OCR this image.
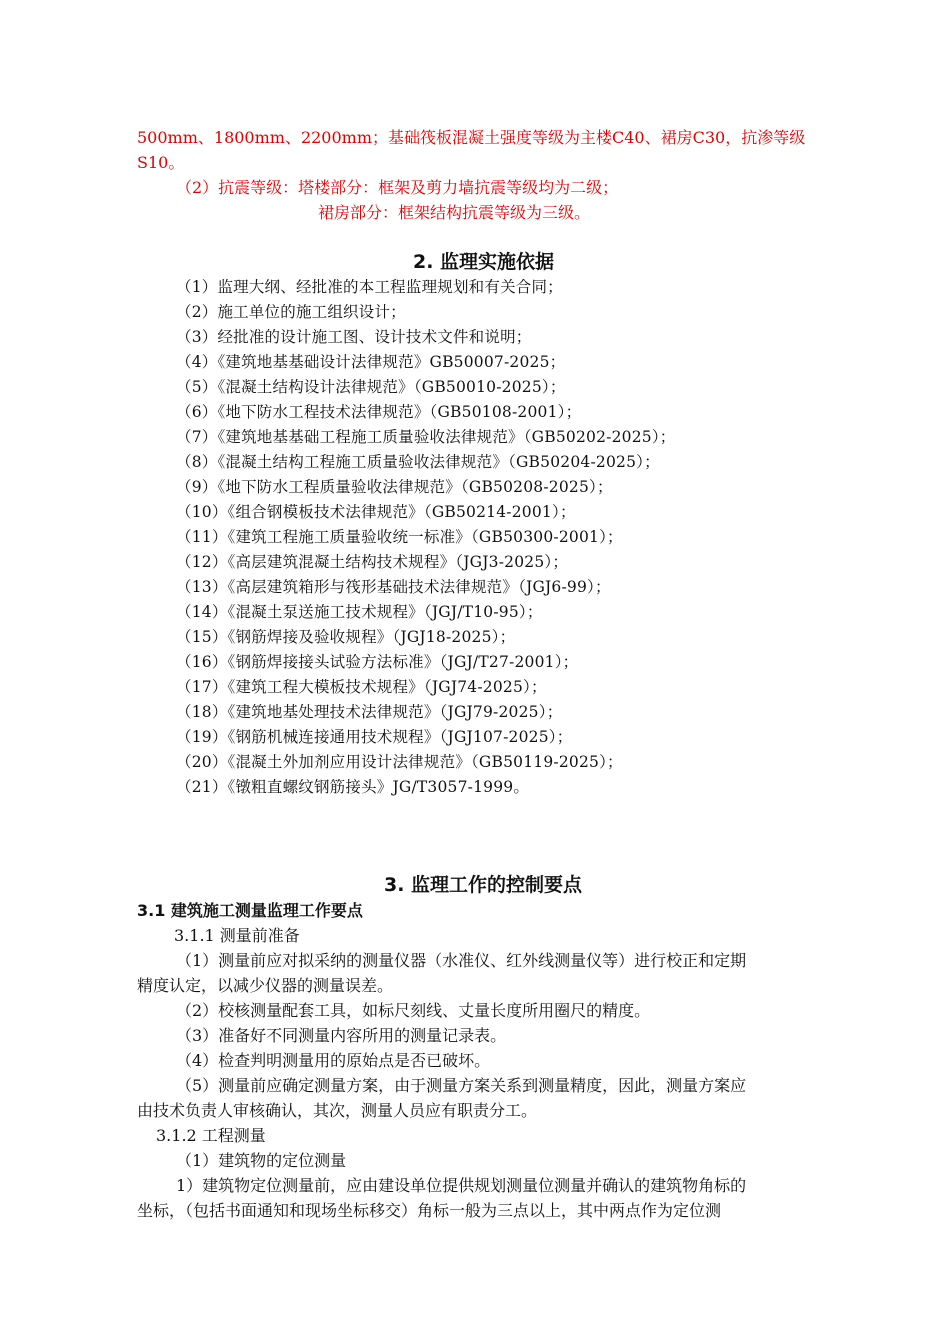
500mm、1800mm、2200mm；基础筏板混凝土强度等级为主楼C40、裙房C30，抗渗等级
S10。
（2）抗震等级：塔楼部分：框架及剪力墙抗震等级均为二级；
裙房部分：框架结构抗震等级为三级。
2. 监理实施依据
（1）监理大纲、经批准的本工程监理规划和有关合同；
（2）施工单位的施工组织设计；
（3）经批准的设计施工图、设计技术文件和说明；
（4）《建筑地基基础设计法律规范》GB50007-2025；
（5）《混凝土结构设计法律规范》（GB50010-2025）；
（6）《地下防水工程技术法律规范》（GB50108-2001）；
（7）《建筑地基基础工程施工质量验收法律规范》（GB50202-2025）；
（8）《混凝土结构工程施工质量验收法律规范》（GB50204-2025）；
（9）《地下防水工程质量验收法律规范》（GB50208-2025）；
（10）《组合钢模板技术法律规范》（GB50214-2001）；
（11）《建筑工程施工质量验收统一标准》（GB50300-2001）；
（12）《高层建筑混凝土结构技术规程》（JGJ3-2025）；
（13）《高层建筑箱形与筏形基础技术法律规范》（JGJ6-99）；
（14）《混凝土泵送施工技术规程》（JGJ/T10-95）；
（15）《钢筋焊接及验收规程》（JGJ18-2025）；
（16）《钢筋焊接接头试验方法标准》（JGJ/T27-2001）；
（17）《建筑工程大模板技术规程》（JGJ74-2025）；
（18）《建筑地基处理技术法律规范》（JGJ79-2025）；
（19）《钢筋机械连接通用技术规程》（JGJ107-2025）；
（20）《混凝土外加剂应用设计法律规范》（GB50119-2025）；
（21）《镦粗直螺纹钢筋接头》JG/T3057-1999。
3. 监理工作的控制要点
3.1 建筑施工测量监理工作要点
3.1.1 测量前准备
（1）测量前应对拟采纳的测量仪器（水准仪、红外线测量仪等）进行校正和定期
精度认定，以减少仪器的测量误差。
（2）校核测量配套工具，如标尺刻线、丈量长度所用圈尺的精度。
（3）准备好不同测量内容所用的测量记录表。
（4）检查判明测量用的原始点是否已破坏。
（5）测量前应确定测量方案，由于测量方案关系到测量精度，因此，测量方案应
由技术负责人审核确认，其次，测量人员应有职责分工。
3.1.2 工程测量
（1）建筑物的定位测量
1）建筑物定位测量前，应由建设单位提供规划测量位测量并确认的建筑物角标的
坐标，（包括书面通知和现场坐标移交）角标一般为三点以上，其中两点作为定位测
